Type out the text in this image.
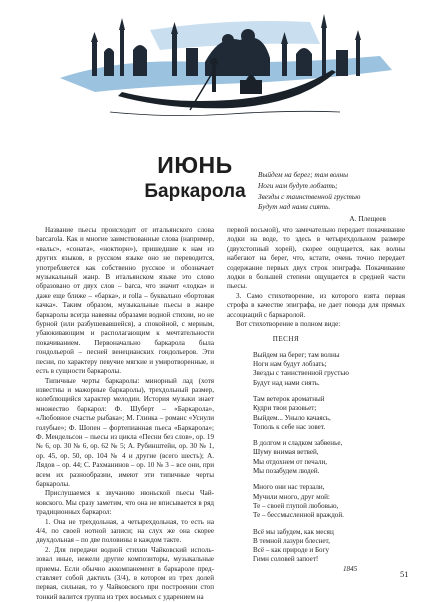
ИЮНЬ
Баркарола
Выйдем на берег; там волны
Ноги нам будут лобзать;
Звезды с таинственной грустью
Будут над нами сиять.
А. Плещеев

Название пьесы происходит от итальянского слова barcarola. Как и многие заимствованные слова (например, «вальс», «соната», «ноктюрн»), пришедшие к нам из других языков, в русском языке оно не переводится, употребляется как собственно русское и обозначает музыкальный жанр. В итальянском языке это слово образовано от двух слов – barca, что значит «лодка» и даже еще ближе – «барка», и rolla – буквально «бортовая качка». Таким образом, музыкальные пьесы в жанре баркаролы всегда навеяны образами водной стихии, но не бурной (или разбушевавшейся), а спокойной, с мерным, убаюкивающим и располагающим к мечтательности покачиванием. Первоначально баркарола была гондольерой – песней венецианских гондольеров. Эти песни, по характеру певучие мягкие и умиротворенные, и есть в сущности баркаролы.

Типичные черты баркаролы: минорный лад (хотя известны и мажорные баркаролы), трехдольный размер, колеблющийся характер мелодии. История музыки знает множество баркарол: Ф. Шуберт – «Баркарола», «Любовное счастье рыбака»; М. Глинка – романс «Уснули голубые»; Ф. Шопен – фортепианная пьеса «Баркарола»; Ф. Мендельсон – пьесы из цикла «Песни без слов», ор. 19 № 6, ор. 30 № 6, ор. 62 № 5; А. Рубинштейн, ор. 30 № 1, ор. 45, ор. 50, ор. 104 № 4 и другие (всего шесть); А. Лядов – ор. 44; С. Рахманинов – ор. 10 № 3 – все они, при всем их разнообразии, имеют эти типичные черты баркаролы.

Прислушаемся к звучанию июньской пьесы Чайковского. Мы сразу заметим, что она не вписывается в ряд традиционных баркарол:

1. Она не трехдольная, а четырехдольная, то есть на 4/4, по своей нотной записи; на слух же она скорее двухдольная – по две половины в каждом такте.

2. Для передачи водной стихии Чайковский использовал иные, нежели другие композиторы, музыкальные приемы. Если обычно аккомпанемент в баркароле представляет собой дактиль (3/4), в котором из трех долей первая, сильная, то у Чайковского при построении стоп тонкий валится группа из трех восьмых с ударением на

первой восьмой), что замечательно передает покачивание лодки на воде, то здесь в четырехдольном размере (двухстопный хорей), скорее ощущается, как волны набегают на берег, что, кстати, очень точно передает содержание первых двух строк эпиграфа. Покачивание лодки в большей степени ощущается в средней части пьесы.

3. Само стихотворение, из которого взята первая строфа в качестве эпиграфа, не дает повода для прямых ассоциаций с баркаролой.

Вот стихотворение в полном виде:

ПЕСНЯ
Выйдем на берег; там волны
Ноги нам будут лобзать;
Звезды с таинственной грустью
Будут над нами сиять.
Там ветерок ароматный
Кудри твои разовьет;
Выйдем... Уныло качаясь,
Тополь к себе нас зовет.
В долгом и сладком забвенье,
Шуму внимая ветвей,
Мы отдохнем от печали,
Мы позабудем людей.
Много они нас терзали,
Мучили много, друг мой:
Те – своей глупой любовью,
Те – бессмысленной враждой.
Всё мы забудем, как месяц
В темной лазури блеснет,
Всё – как природе и Богу
Гимн соловей запоет!
1845
51
